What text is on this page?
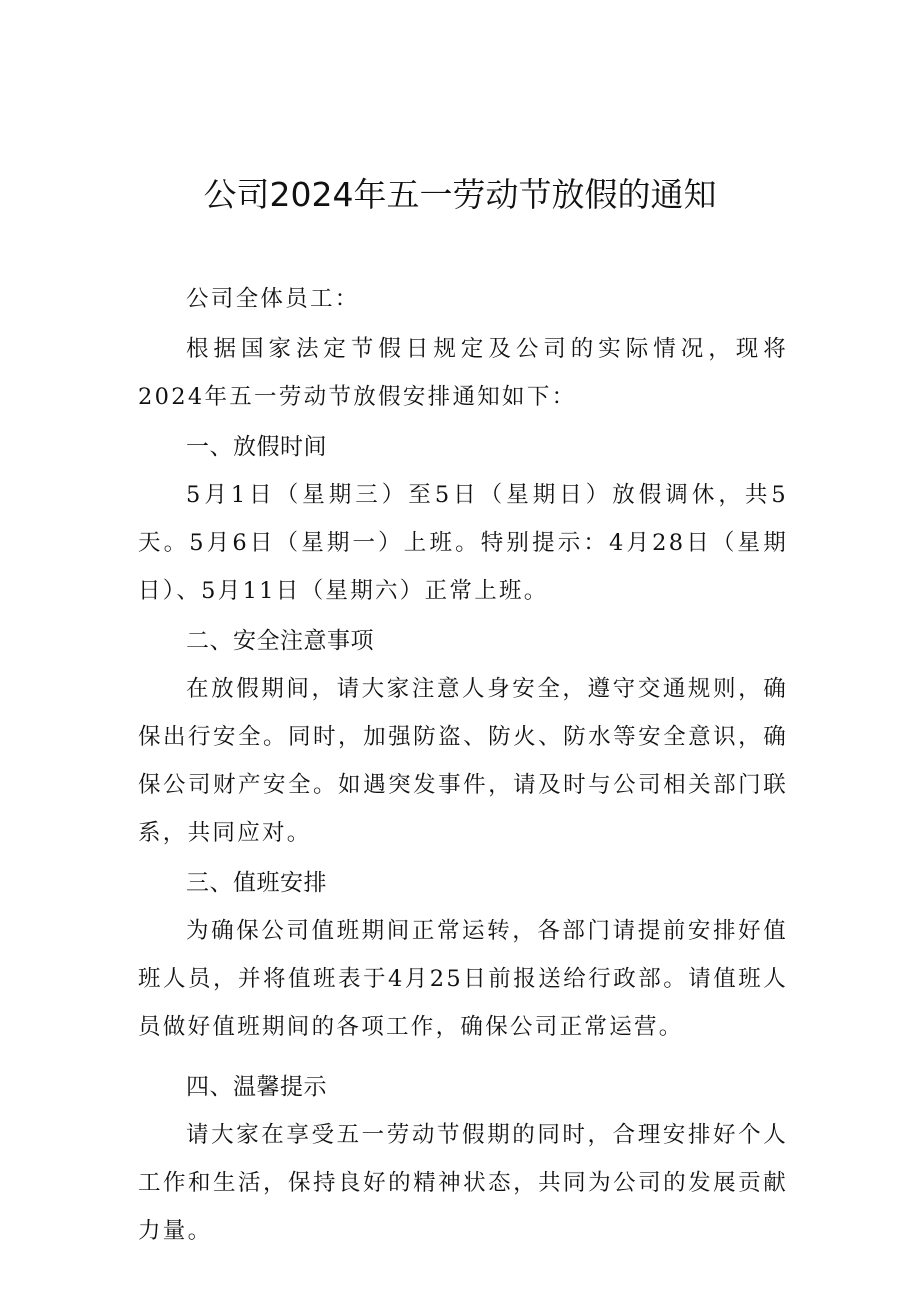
公司2024年五一劳动节放假的通知

公司全体员工：

根据国家法定节假日规定及公司的实际情况，现将2024年五一劳动节放假安排通知如下：

一、放假时间

5月1日（星期三）至5日（星期日）放假调休，共5天。5月6日（星期一）上班。特别提示：4月28日（星期日）、5月11日（星期六）正常上班。

二、安全注意事项

在放假期间，请大家注意人身安全，遵守交通规则，确保出行安全。同时，加强防盗、防火、防水等安全意识，确保公司财产安全。如遇突发事件，请及时与公司相关部门联系，共同应对。

三、值班安排

为确保公司值班期间正常运转，各部门请提前安排好值班人员，并将值班表于4月25日前报送给行政部。请值班人员做好值班期间的各项工作，确保公司正常运营。

四、温馨提示

请大家在享受五一劳动节假期的同时，合理安排好个人工作和生活，保持良好的精神状态，共同为公司的发展贡献力量。
